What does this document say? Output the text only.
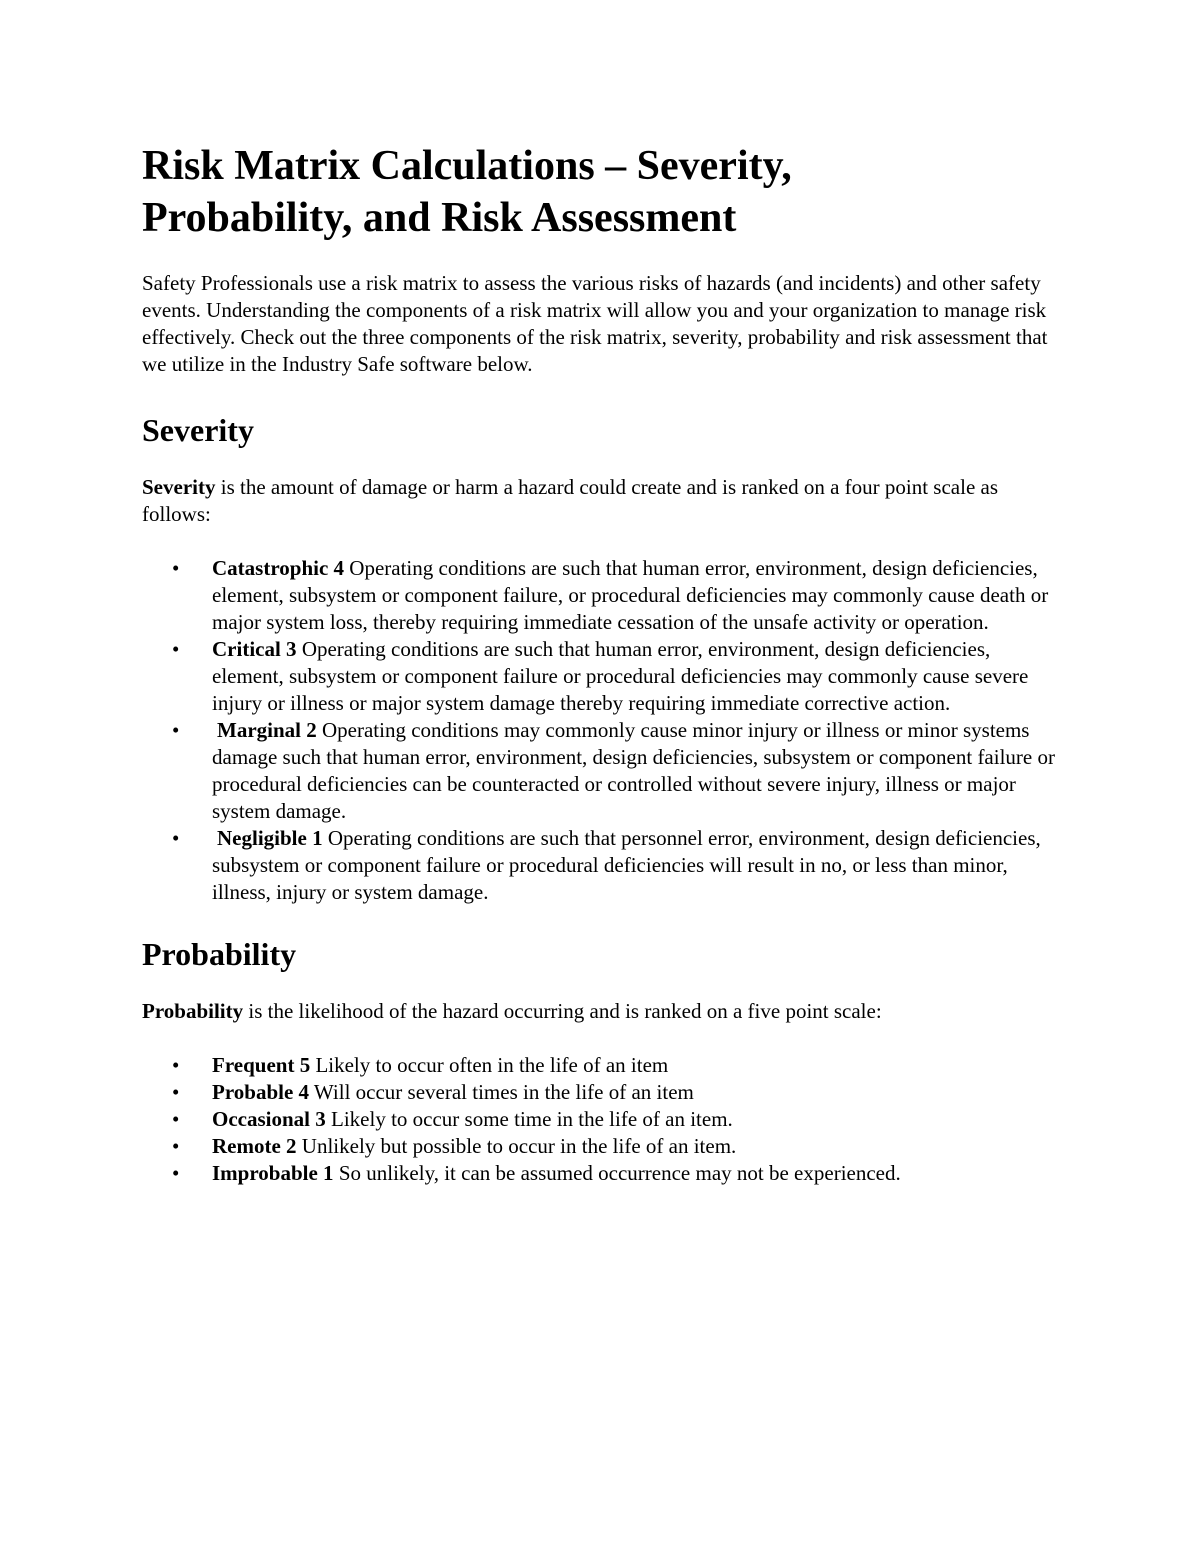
Risk Matrix Calculations – Severity,
Probability, and Risk Assessment

Safety Professionals use a risk matrix to assess the various risks of hazards (and incidents) and other safety events. Understanding the components of a risk matrix will allow you and your organization to manage risk effectively. Check out the three components of the risk matrix, severity, probability and risk assessment that we utilize in the Industry Safe software below.

Severity

Severity is the amount of damage or harm a hazard could create and is ranked on a four point scale as follows:

• Catastrophic 4 Operating conditions are such that human error, environment, design deficiencies, element, subsystem or component failure, or procedural deficiencies may commonly cause death or major system loss, thereby requiring immediate cessation of the unsafe activity or operation.
• Critical 3 Operating conditions are such that human error, environment, design deficiencies, element, subsystem or component failure or procedural deficiencies may commonly cause severe injury or illness or major system damage thereby requiring immediate corrective action.
• Marginal 2 Operating conditions may commonly cause minor injury or illness or minor systems damage such that human error, environment, design deficiencies, subsystem or component failure or procedural deficiencies can be counteracted or controlled without severe injury, illness or major system damage.
• Negligible 1 Operating conditions are such that personnel error, environment, design deficiencies, subsystem or component failure or procedural deficiencies will result in no, or less than minor, illness, injury or system damage.
Probability

Probability is the likelihood of the hazard occurring and is ranked on a five point scale:

• Frequent 5 Likely to occur often in the life of an item
• Probable 4 Will occur several times in the life of an item
• Occasional 3 Likely to occur some time in the life of an item.
• Remote 2 Unlikely but possible to occur in the life of an item.
• Improbable 1 So unlikely, it can be assumed occurrence may not be experienced.
